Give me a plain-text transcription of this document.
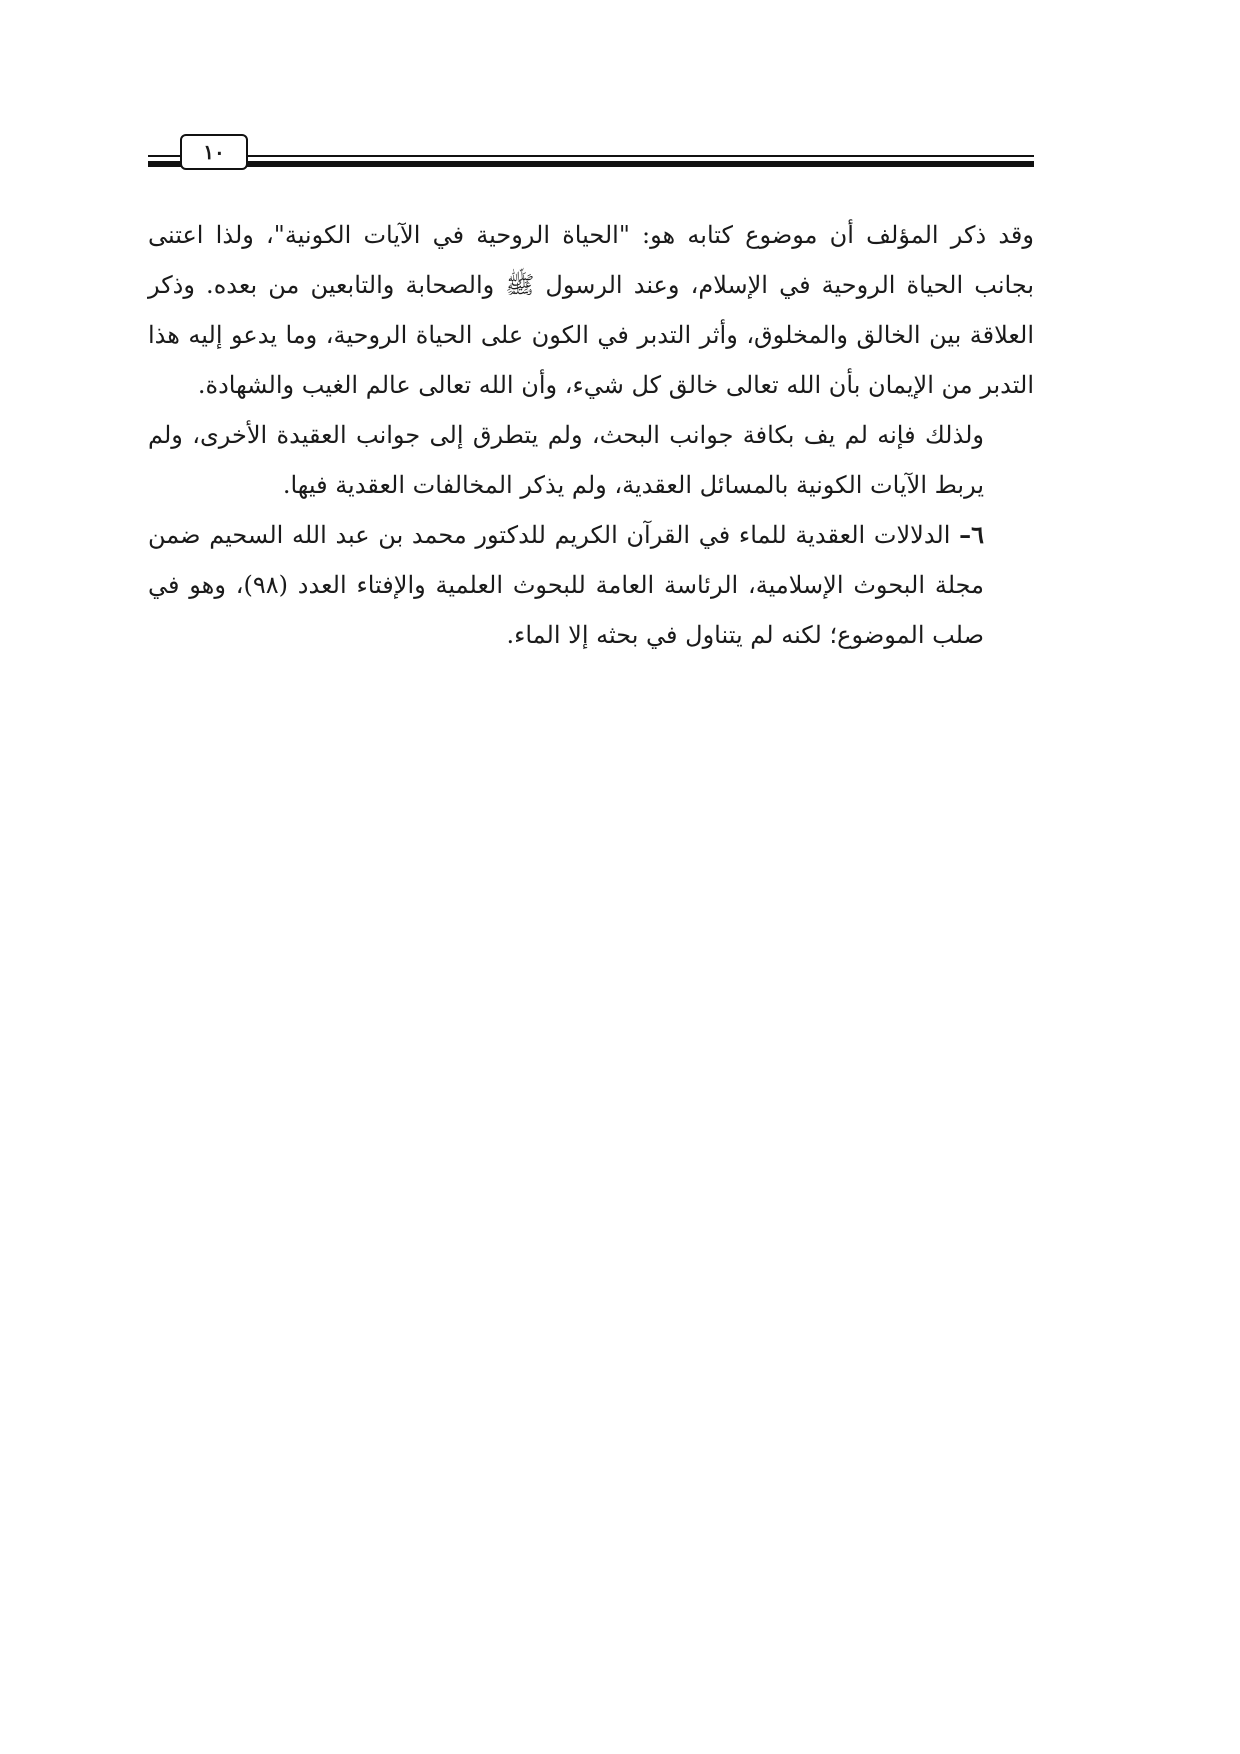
١٠

وقد ذكر المؤلف أن موضوع كتابه هو: "الحياة الروحية في الآيات الكونية"، ولذا اعتنى بجانب الحياة الروحية في الإسلام، وعند الرسول ﷺ والصحابة والتابعين من بعده. وذكر العلاقة بين الخالق والمخلوق، وأثر التدبر في الكون على الحياة الروحية، وما يدعو إليه هذا التدبر من الإيمان بأن الله تعالى خالق كل شيء، وأن الله تعالى عالم الغيب والشهادة.

ولذلك فإنه لم يف بكافة جوانب البحث، ولم يتطرق إلى جوانب العقيدة الأخرى، ولم يربط الآيات الكونية بالمسائل العقدية، ولم يذكر المخالفات العقدية فيها.

٦– الدلالات العقدية للماء في القرآن الكريم للدكتور محمد بن عبد الله السحيم ضمن مجلة البحوث الإسلامية، الرئاسة العامة للبحوث العلمية والإفتاء العدد (٩٨)، وهو في صلب الموضوع؛ لكنه لم يتناول في بحثه إلا الماء.
